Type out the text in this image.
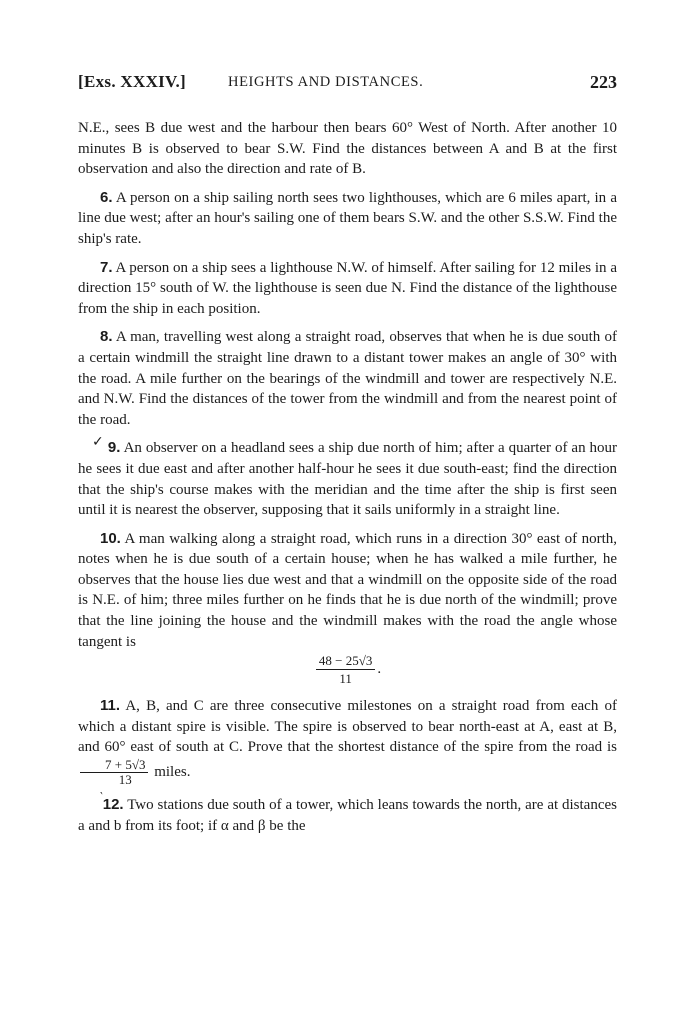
[Exs. XXXIV.]	HEIGHTS AND DISTANCES.	223

N.E., sees B due west and the harbour then bears 60° West of North. After another 10 minutes B is observed to bear S.W. Find the distances between A and B at the first observation and also the direction and rate of B.

6. A person on a ship sailing north sees two lighthouses, which are 6 miles apart, in a line due west; after an hour's sailing one of them bears S.W. and the other S.S.W. Find the ship's rate.

7. A person on a ship sees a lighthouse N.W. of himself. After sailing for 12 miles in a direction 15° south of W. the lighthouse is seen due N. Find the distance of the lighthouse from the ship in each position.

8. A man, travelling west along a straight road, observes that when he is due south of a certain windmill the straight line drawn to a distant tower makes an angle of 30° with the road. A mile further on the bearings of the windmill and tower are respectively N.E. and N.W. Find the distances of the tower from the windmill and from the nearest point of the road.

✓ 9. An observer on a headland sees a ship due north of him; after a quarter of an hour he sees it due east and after another half-hour he sees it due south-east; find the direction that the ship's course makes with the meridian and the time after the ship is first seen until it is nearest the observer, supposing that it sails uniformly in a straight line.

10. A man walking along a straight road, which runs in a direction 30° east of north, notes when he is due south of a certain house; when he has walked a mile further, he observes that the house lies due west and that a windmill on the opposite side of the road is N.E. of him; three miles further on he finds that he is due north of the windmill; prove that the line joining the house and the windmill makes with the road the angle whose tangent is

$\frac{48 - 25√3}{11}$ .

11. A, B, and C are three consecutive milestones on a straight road from each of which a distant spire is visible. The spire is observed to bear north-east at A, east at B, and 60° east of south at C. Prove that the shortest distance of the spire from the road is
$\frac{7 + 5√3}{13}$ miles.

‵12. Two stations due south of a tower, which leans towards the north, are at distances a and b from its foot; if α and β be the
